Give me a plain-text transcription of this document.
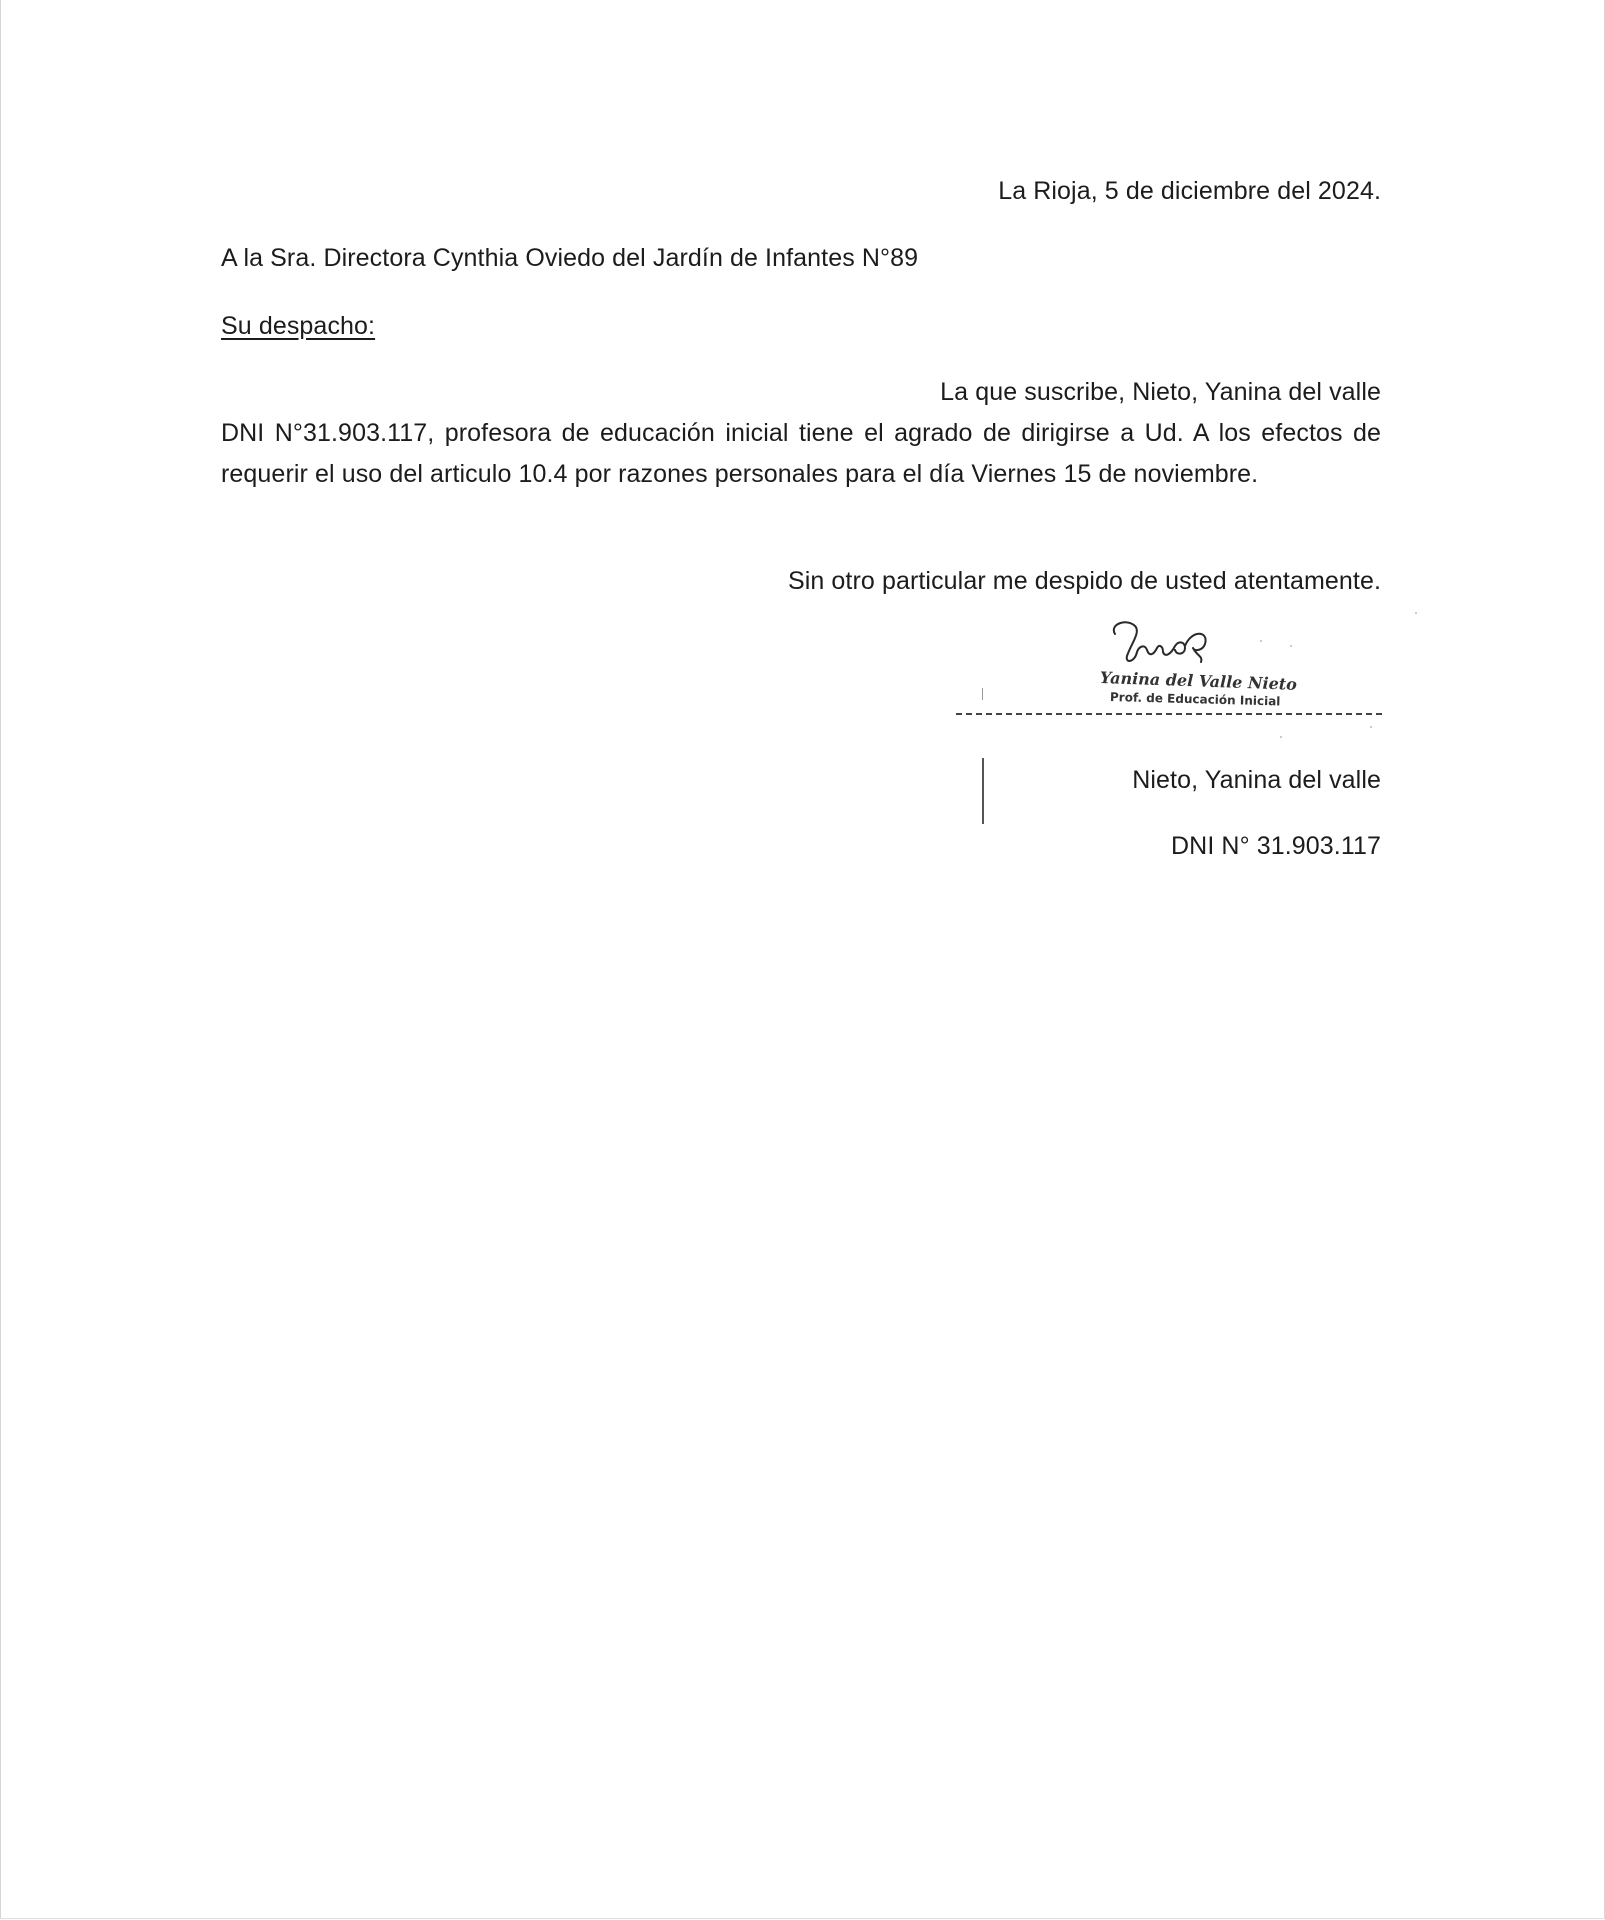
La Rioja, 5 de diciembre del 2024.
A la Sra. Directora Cynthia Oviedo del Jardín de Infantes N°89
Su despacho:
La que suscribe, Nieto, Yanina del valle
DNI N°31.903.117, profesora de educación inicial tiene el agrado de dirigirse a Ud. A los efectos de
requerir el uso del articulo 10.4 por razones personales para el día Viernes 15 de noviembre.
Sin otro particular me despido de usted atentamente.
Yanina del Valle Nieto
Prof. de Educación Inicial
Nieto, Yanina del valle
DNI N° 31.903.117
